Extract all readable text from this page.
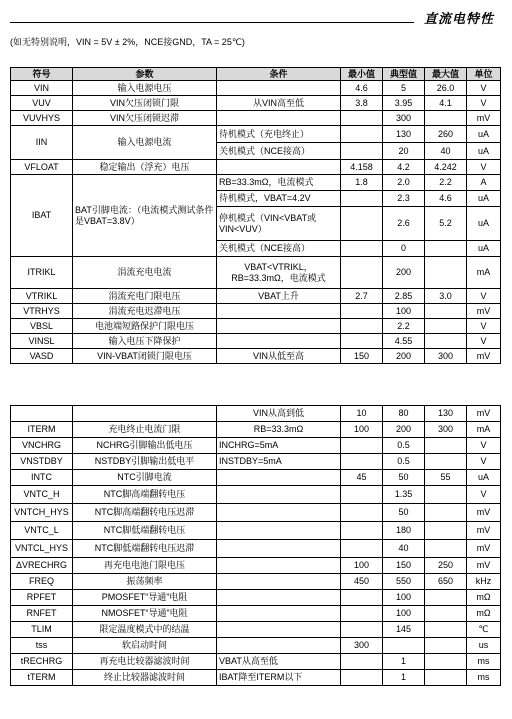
直流电特性
(如无特别说明，VIN = 5V ± 2%，NCE接GND，TA = 25℃)
符号	参数	条件	最小值	典型值	最大值	单位
VIN	输入电源电压		4.6	5	26.0	V
VUV	VIN欠压闭锁门限	从VIN高至低	3.8	3.95	4.1	V
VUVHYS	VIN欠压闭锁迟滞			300		mV
IIN	输入电源电流	待机模式（充电终止）		130	260	uA
		关机模式（NCE接高）		20	40	uA
VFLOAT	稳定输出（浮充）电压		4.158	4.2	4.242	V
IBAT	BAT引脚电流：（电流模式测试条件是VBAT=3.8V）	RB=33.3mΩ，电流模式	1.8	2.0	2.2	A
		待机模式，VBAT=4.2V		2.3	4.6	uA
		停机模式（VIN<VBAT或VIN<VUV）		2.6	5.2	uA
		关机模式（NCE接高）		0		uA
ITRIKL	涓流充电电流	VBAT<VTRIKL，RB=33.3mΩ，电流模式		200		mA
VTRIKL	涓流充电门限电压	VBAT上升	2.7	2.85	3.0	V
VTRHYS	涓流充电迟滞电压			100		mV
VBSL	电池端短路保护门限电压			2.2		V
VINSL	输入电压下降保护			4.55		V
VASD	VIN-VBAT闭锁门限电压	VIN从低至高	150	200	300	mV
		VIN从高到低	10	80	130	mV
ITERM	充电终止电流门限	RB=33.3mΩ	100	200	300	mA
VNCHRG	NCHRG引脚输出低电压	INCHRG=5mA		0.5		V
VNSTDBY	NSTDBY引脚输出低电平	INSTDBY=5mA		0.5		V
INTC	NTC引脚电流		45	50	55	uA
VNTC_H	NTC脚高端翻转电压			1.35		V
VNTCH_HYS	NTC脚高端翻转电压迟滞			50		mV
VNTC_L	NTC脚低端翻转电压			180		mV
VNTCL_HYS	NTC脚低端翻转电压迟滞			40		mV
ΔVRECHRG	再充电电池门限电压		100	150	250	mV
FREQ	振荡频率		450	550	650	kHz
RPFET	PMOSFET“导通”电阻			100		mΩ
RNFET	NMOSFET“导通”电阻			100		mΩ
TLIM	限定温度模式中的结温			145		℃
tss	软启动时间		300			us
tRECHRG	再充电比较器滤波时间	VBAT从高至低		1		ms
tTERM	终止比较器滤波时间	IBAT降至ITERM以下		1		ms
